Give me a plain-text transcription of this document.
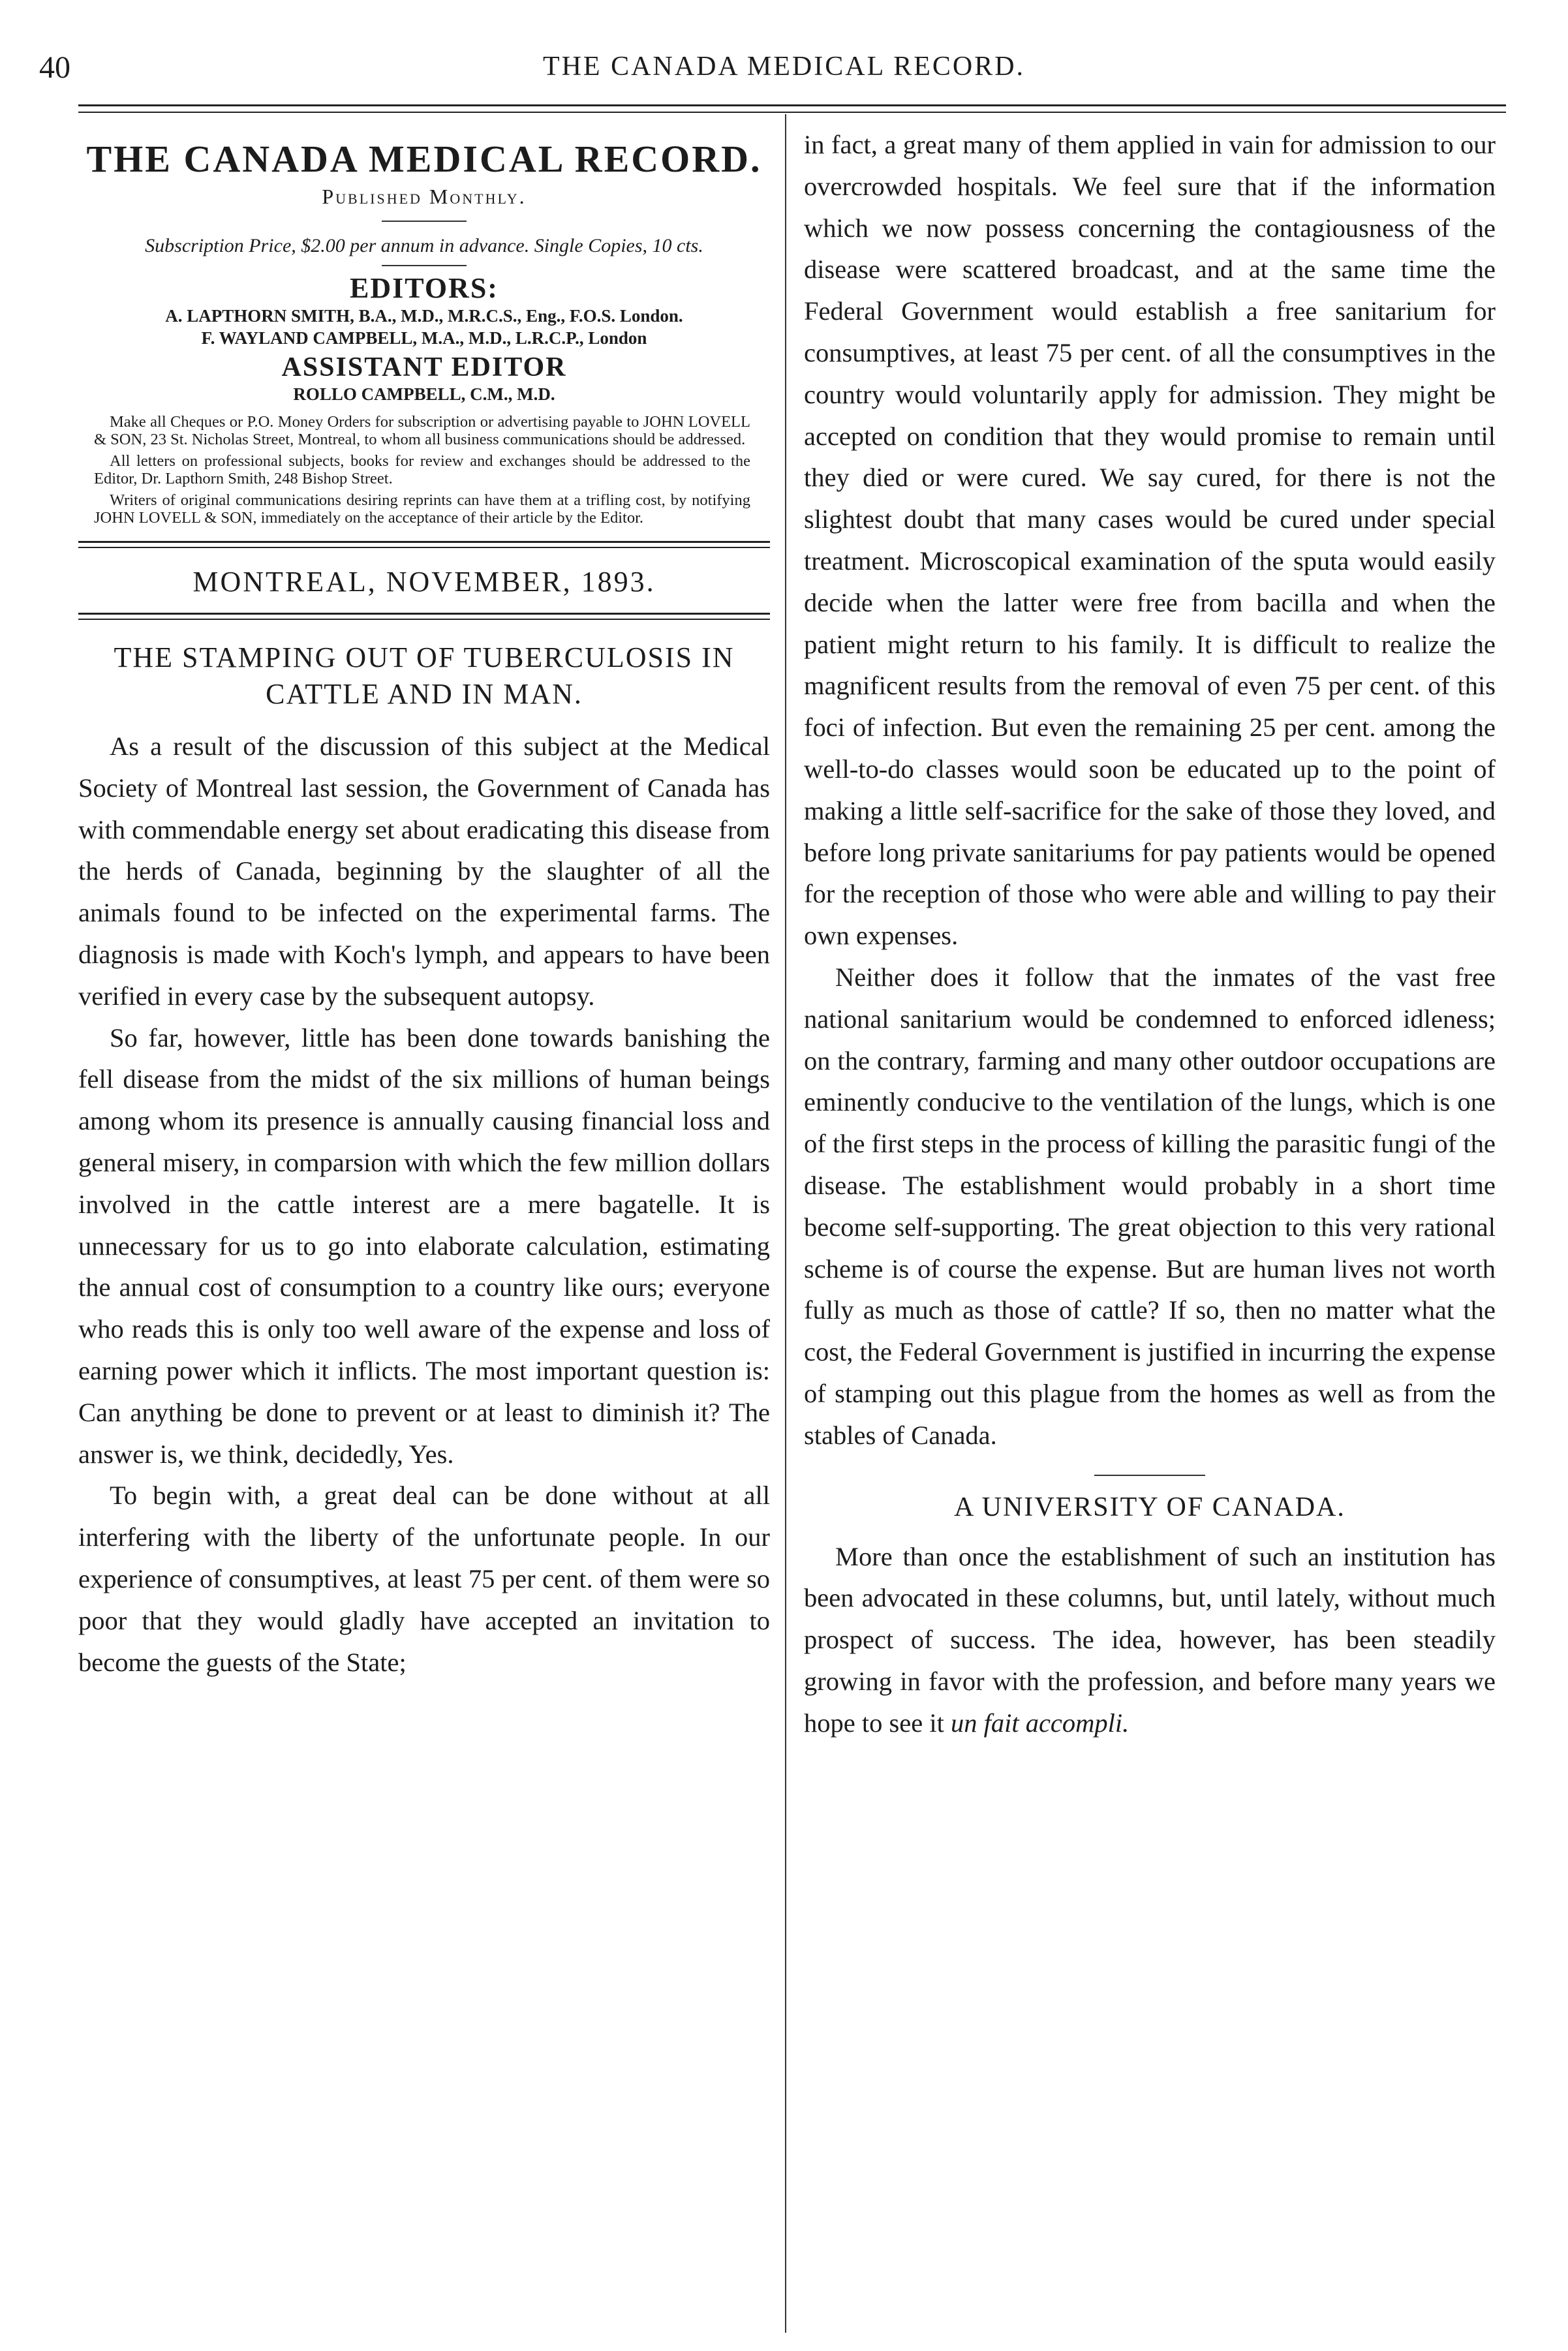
40	THE CANADA MEDICAL RECORD.
THE CANADA MEDICAL RECORD.
Published Monthly.
Subscription Price, $2.00 per annum in advance. Single Copies, 10 cts.
EDITORS:
A. LAPTHORN SMITH, B.A., M.D., M.R.C.S., Eng., F.O.S. London.
F. WAYLAND CAMPBELL, M.A., M.D., L.R.C.P., London
ASSISTANT EDITOR
ROLLO CAMPBELL, C.M., M.D.

Make all Cheques or P.O. Money Orders for subscription or advertising payable to JOHN LOVELL & SON, 23 St. Nicholas Street, Montreal, to whom all business communications should be addressed.

All letters on professional subjects, books for review and exchanges should be addressed to the Editor, Dr. Lapthorn Smith, 248 Bishop Street.

Writers of original communications desiring reprints can have them at a trifling cost, by notifying JOHN LOVELL & SON, immediately on the acceptance of their article by the Editor.

MONTREAL, NOVEMBER, 1893.
THE STAMPING OUT OF TUBERCULOSIS IN CATTLE AND IN MAN.

As a result of the discussion of this subject at the Medical Society of Montreal last session, the Government of Canada has with commendable energy set about eradicating this disease from the herds of Canada, beginning by the slaughter of all the animals found to be infected on the experimental farms. The diagnosis is made with Koch's lymph, and appears to have been verified in every case by the subsequent autopsy.

So far, however, little has been done towards banishing the fell disease from the midst of the six millions of human beings among whom its presence is annually causing financial loss and general misery, in comparsion with which the few million dollars involved in the cattle interest are a mere bagatelle. It is unnecessary for us to go into elaborate calculation, estimating the annual cost of consumption to a country like ours; everyone who reads this is only too well aware of the expense and loss of earning power which it inflicts. The most important question is: Can anything be done to prevent or at least to diminish it? The answer is, we think, decidedly, Yes.

To begin with, a great deal can be done without at all interfering with the liberty of the unfortunate people. In our experience of consumptives, at least 75 per cent. of them were so poor that they would gladly have accepted an invitation to become the guests of the State;

in fact, a great many of them applied in vain for admission to our overcrowded hospitals. We feel sure that if the information which we now possess concerning the contagiousness of the disease were scattered broadcast, and at the same time the Federal Government would establish a free sanitarium for consumptives, at least 75 per cent. of all the consumptives in the country would voluntarily apply for admission. They might be accepted on condition that they would promise to remain until they died or were cured. We say cured, for there is not the slightest doubt that many cases would be cured under special treatment. Microscopical examination of the sputa would easily decide when the latter were free from bacilla and when the patient might return to his family. It is difficult to realize the magnificent results from the removal of even 75 per cent. of this foci of infection. But even the remaining 25 per cent. among the well-to-do classes would soon be educated up to the point of making a little self-sacrifice for the sake of those they loved, and before long private sanitariums for pay patients would be opened for the reception of those who were able and willing to pay their own expenses.

Neither does it follow that the inmates of the vast free national sanitarium would be condemned to enforced idleness; on the contrary, farming and many other outdoor occupations are eminently conducive to the ventilation of the lungs, which is one of the first steps in the process of killing the parasitic fungi of the disease. The establishment would probably in a short time become self-supporting. The great objection to this very rational scheme is of course the expense. But are human lives not worth fully as much as those of cattle? If so, then no matter what the cost, the Federal Government is justified in incurring the expense of stamping out this plague from the homes as well as from the stables of Canada.

A UNIVERSITY OF CANADA.

More than once the establishment of such an institution has been advocated in these columns, but, until lately, without much prospect of success. The idea, however, has been steadily growing in favor with the profession, and before many years we hope to see it un fait accompli.
